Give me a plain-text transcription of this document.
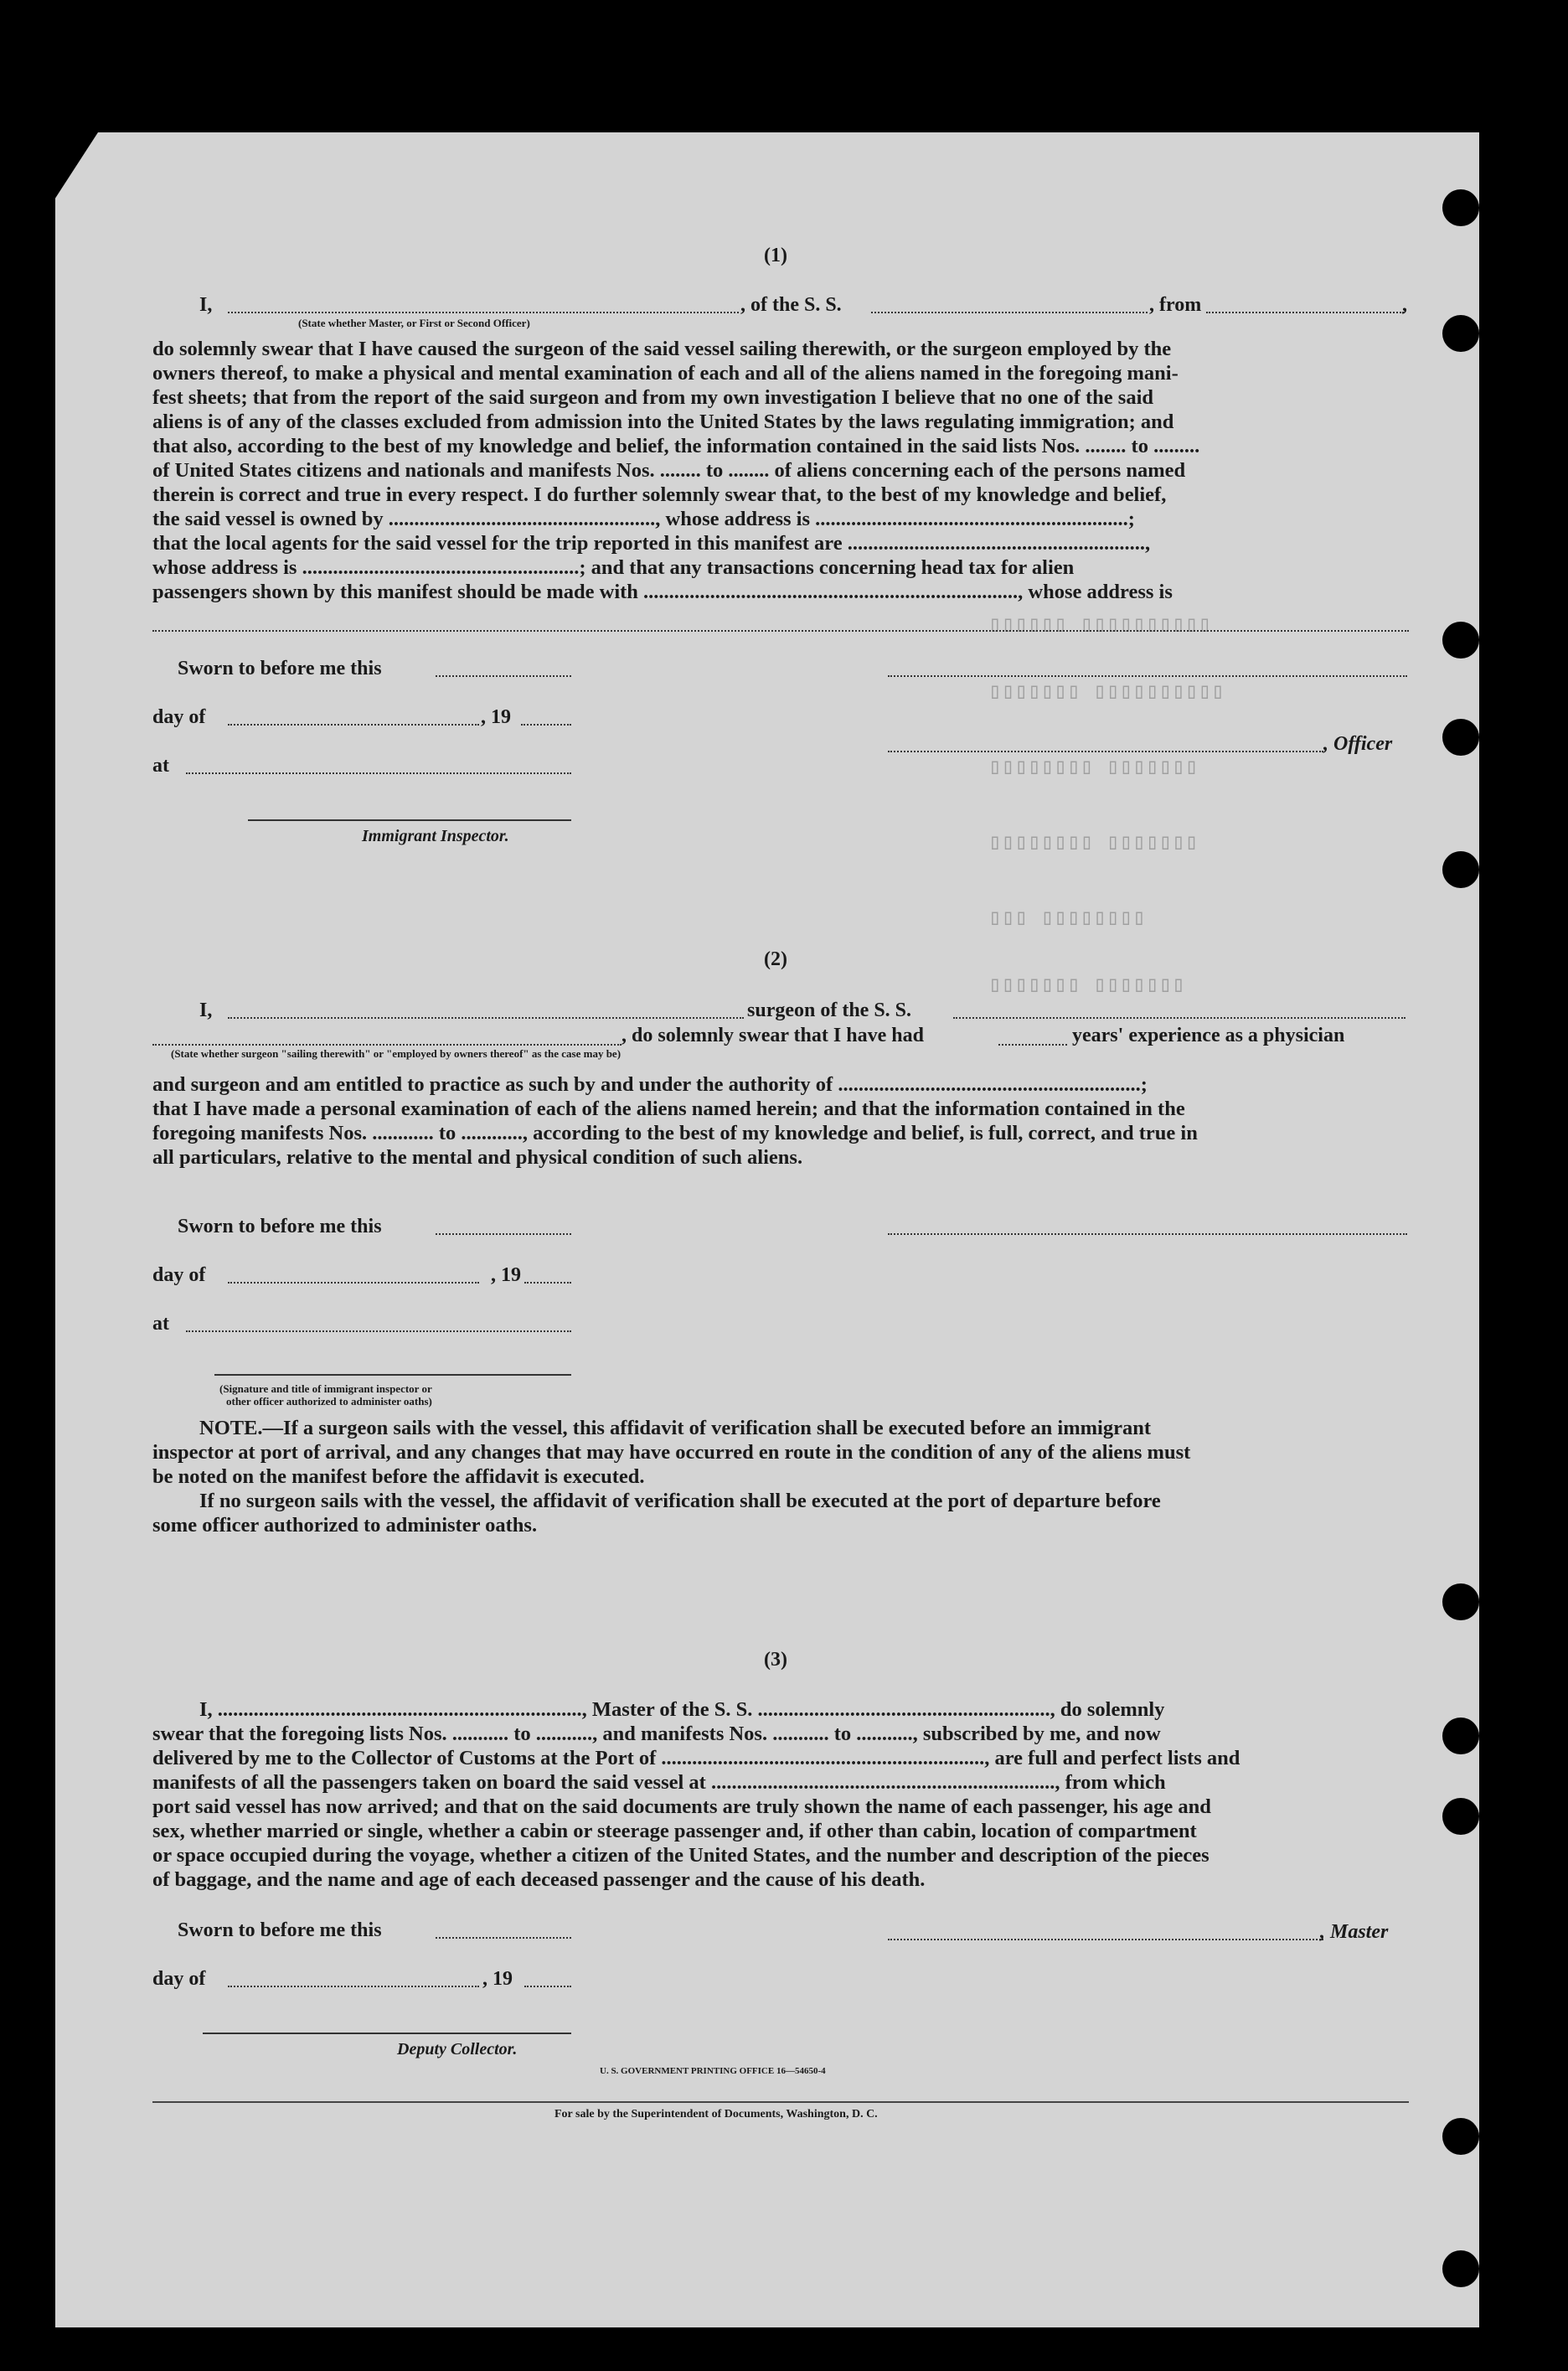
▯▯▯▯▯▯▯▯▯▯ ▯▯▯▯▯▯
▯▯▯▯▯▯▯▯▯▯ ▯▯▯▯▯▯▯
▯▯▯▯▯▯▯ ▯▯▯▯▯▯▯▯
▯▯▯▯▯▯▯ ▯▯▯▯▯▯▯▯
▯▯▯▯▯▯▯▯ ▯▯▯
▯▯▯▯▯▯▯ ▯▯▯▯▯▯▯
(1)
I,	, of the S. S.	, from	,
(State whether Master, or First or Second Officer)
do solemnly swear that I have caused the surgeon of the said vessel sailing therewith, or the surgeon employed by the
owners thereof, to make a physical and mental examination of each and all of the aliens named in the foregoing mani-
fest sheets; that from the report of the said surgeon and from my own investigation I believe that no one of the said
aliens is of any of the classes excluded from admission into the United States by the laws regulating immigration; and
that also, according to the best of my knowledge and belief, the information contained in the said lists Nos. ........ to .........
of United States citizens and nationals and manifests Nos. ........ to ........ of aliens concerning each of the persons named
therein is correct and true in every respect. I do further solemnly swear that, to the best of my knowledge and belief,
the said vessel is owned by ...................................................., whose address is .............................................................;
that the local agents for the said vessel for the trip reported in this manifest are ..........................................................,
whose address is ......................................................; and that any transactions concerning head tax for alien
passengers shown by this manifest should be made with ........................................................................., whose address is
Sworn to before me this
day of	, 19
, Officer
at
Immigrant Inspector.
(2)
I,	surgeon of the S. S.
, do solemnly swear that I have had	years' experience as a physician
(State whether surgeon "sailing therewith" or "employed by owners thereof" as the case may be)
and surgeon and am entitled to practice as such by and under the authority of ...........................................................;
that I have made a personal examination of each of the aliens named herein; and that the information contained in the
foregoing manifests Nos. ............ to ............, according to the best of my knowledge and belief, is full, correct, and true in
all particulars, relative to the mental and physical condition of such aliens.
Sworn to before me this
day of	, 19
at
(Signature and title of immigrant inspector or
other officer authorized to administer oaths)
NOTE.—If a surgeon sails with the vessel, this affidavit of verification shall be executed before an immigrant
inspector at port of arrival, and any changes that may have occurred en route in the condition of any of the aliens must
be noted on the manifest before the affidavit is executed.
If no surgeon sails with the vessel, the affidavit of verification shall be executed at the port of departure before
some officer authorized to administer oaths.
(3)
I, ......................................................................., Master of the S. S. ........................................................., do solemnly
swear that the foregoing lists Nos. ........... to ..........., and manifests Nos. ........... to ..........., subscribed by me, and now
delivered by me to the Collector of Customs at the Port of ..............................................................., are full and perfect lists and
manifests of all the passengers taken on board the said vessel at ..................................................................., from which
port said vessel has now arrived; and that on the said documents are truly shown the name of each passenger, his age and
sex, whether married or single, whether a cabin or steerage passenger and, if other than cabin, location of compartment
or space occupied during the voyage, whether a citizen of the United States, and the number and description of the pieces
of baggage, and the name and age of each deceased passenger and the cause of his death.
Sworn to before me this	, Master
day of	, 19
Deputy Collector.
U. S. GOVERNMENT PRINTING OFFICE 16—54650-4
For sale by the Superintendent of Documents, Washington, D. C.
